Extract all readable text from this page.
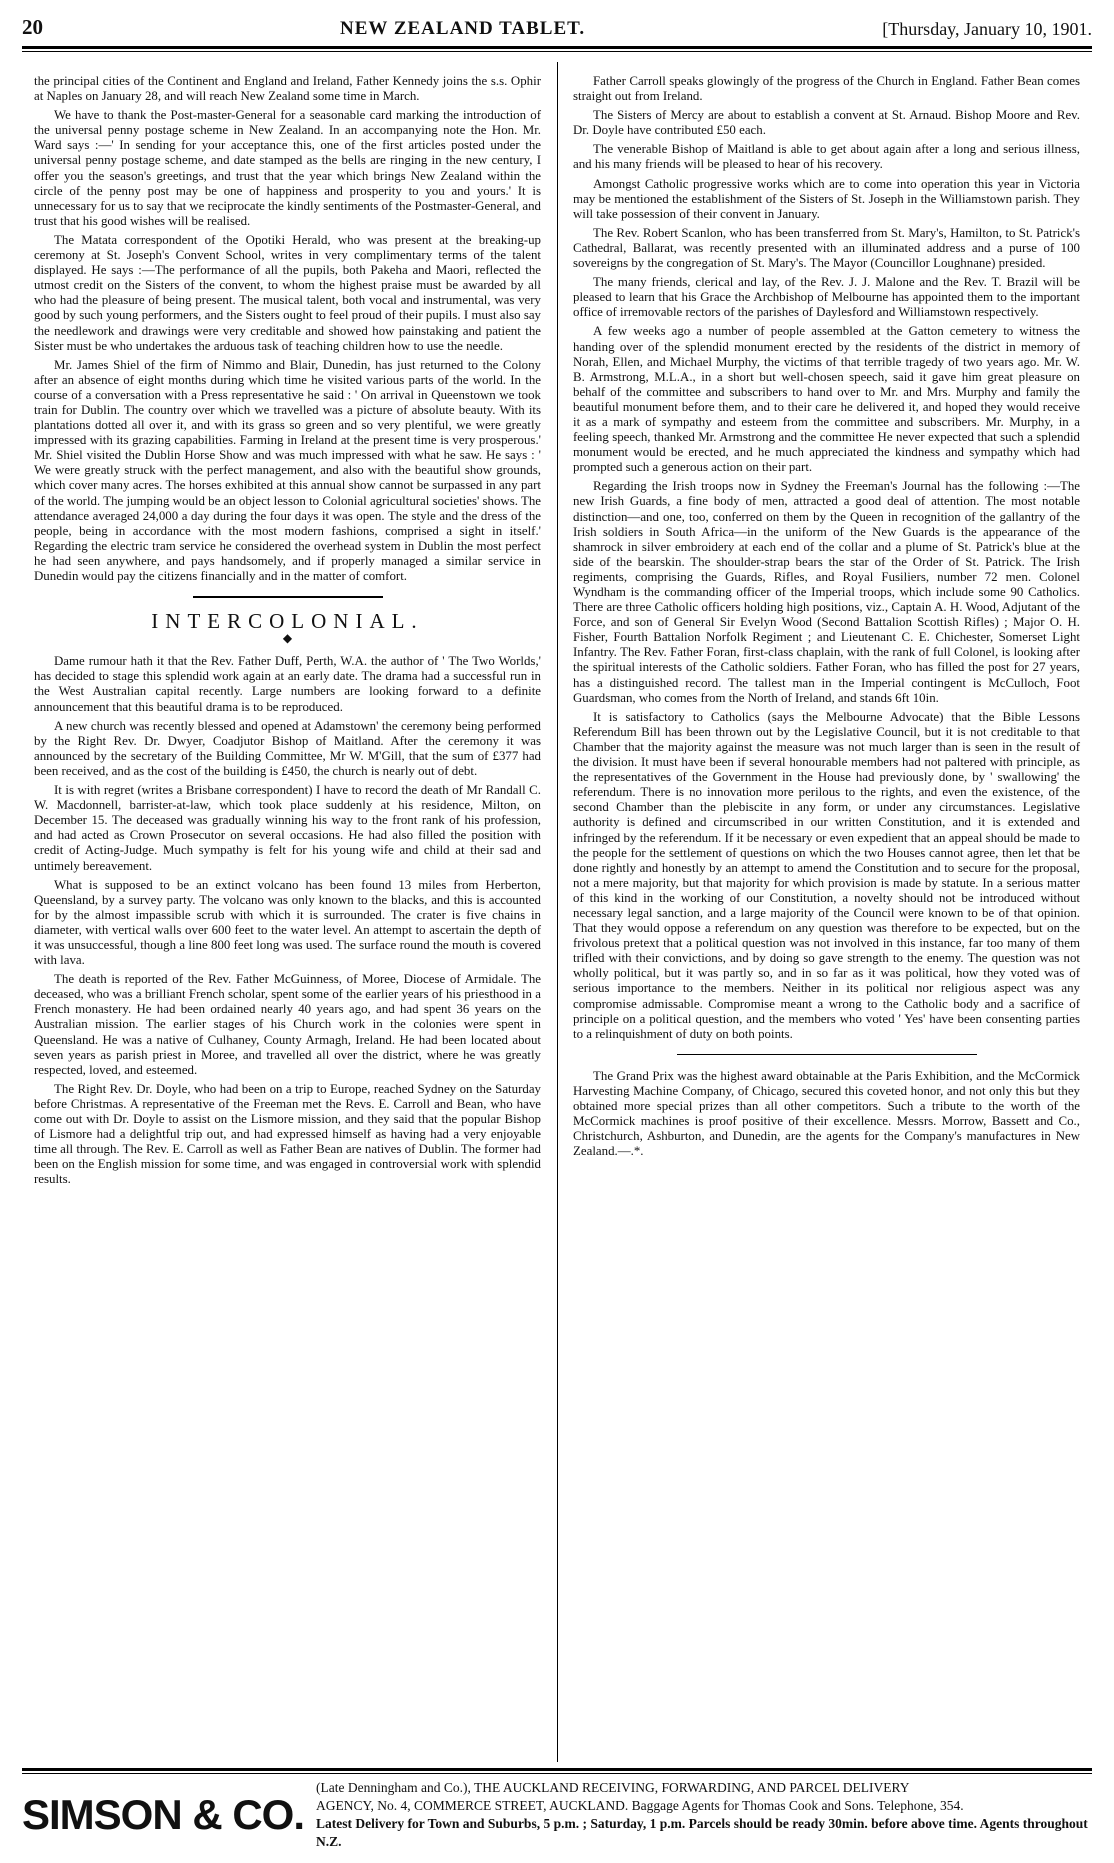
20	NEW ZEALAND TABLET.	[Thursday, January 10, 1901.

the principal cities of the Continent and England and Ireland, Father Kennedy joins the s.s. Ophir at Naples on January 28, and will reach New Zealand some time in March.

We have to thank the Post-master-General for a seasonable card marking the introduction of the universal penny postage scheme in New Zealand. In an accompanying note the Hon. Mr. Ward says :—' In sending for your acceptance this, one of the first articles posted under the universal penny postage scheme, and date stamped as the bells are ringing in the new century, I offer you the season's greetings, and trust that the year which brings New Zealand within the circle of the penny post may be one of happiness and prosperity to you and yours.' It is unnecessary for us to say that we reciprocate the kindly sentiments of the Postmaster-General, and trust that his good wishes will be realised.

The Matata correspondent of the Opotiki Herald, who was present at the breaking-up ceremony at St. Joseph's Convent School, writes in very complimentary terms of the talent displayed. He says :—The performance of all the pupils, both Pakeha and Maori, reflected the utmost credit on the Sisters of the convent, to whom the highest praise must be awarded by all who had the pleasure of being present. The musical talent, both vocal and instrumental, was very good by such young performers, and the Sisters ought to feel proud of their pupils. I must also say the needlework and drawings were very creditable and showed how painstaking and patient the Sister must be who undertakes the arduous task of teaching children how to use the needle.

Mr. James Shiel of the firm of Nimmo and Blair, Dunedin, has just returned to the Colony after an absence of eight months during which time he visited various parts of the world. In the course of a conversation with a Press representative he said : ' On arrival in Queenstown we took train for Dublin. The country over which we travelled was a picture of absolute beauty. With its plantations dotted all over it, and with its grass so green and so very plentiful, we were greatly impressed with its grazing capabilities. Farming in Ireland at the present time is very prosperous.' Mr. Shiel visited the Dublin Horse Show and was much impressed with what he saw. He says : ' We were greatly struck with the perfect management, and also with the beautiful show grounds, which cover many acres. The horses exhibited at this annual show cannot be surpassed in any part of the world. The jumping would be an object lesson to Colonial agricultural societies' shows. The attendance averaged 24,000 a day during the four days it was open. The style and the dress of the people, being in accordance with the most modern fashions, comprised a sight in itself.' Regarding the electric tram service he considered the overhead system in Dublin the most perfect he had seen anywhere, and pays handsomely, and if properly managed a similar service in Dunedin would pay the citizens financially and in the matter of comfort.

INTERCOLONIAL.
◆

Dame rumour hath it that the Rev. Father Duff, Perth, W.A. the author of ' The Two Worlds,' has decided to stage this splendid work again at an early date. The drama had a successful run in the West Australian capital recently. Large numbers are looking forward to a definite announcement that this beautiful drama is to be reproduced.

A new church was recently blessed and opened at Adamstown' the ceremony being performed by the Right Rev. Dr. Dwyer, Coadjutor Bishop of Maitland. After the ceremony it was announced by the secretary of the Building Committee, Mr W. M'Gill, that the sum of £377 had been received, and as the cost of the building is £450, the church is nearly out of debt.

It is with regret (writes a Brisbane correspondent) I have to record the death of Mr Randall C. W. Macdonnell, barrister-at-law, which took place suddenly at his residence, Milton, on December 15. The deceased was gradually winning his way to the front rank of his profession, and had acted as Crown Prosecutor on several occasions. He had also filled the position with credit of Acting-Judge. Much sympathy is felt for his young wife and child at their sad and untimely bereavement.

What is supposed to be an extinct volcano has been found 13 miles from Herberton, Queensland, by a survey party. The volcano was only known to the blacks, and this is accounted for by the almost impassible scrub with which it is surrounded. The crater is five chains in diameter, with vertical walls over 600 feet to the water level. An attempt to ascertain the depth of it was unsuccessful, though a line 800 feet long was used. The surface round the mouth is covered with lava.

The death is reported of the Rev. Father McGuinness, of Moree, Diocese of Armidale. The deceased, who was a brilliant French scholar, spent some of the earlier years of his priesthood in a French monastery. He had been ordained nearly 40 years ago, and had spent 36 years on the Australian mission. The earlier stages of his Church work in the colonies were spent in Queensland. He was a native of Culhaney, County Armagh, Ireland. He had been located about seven years as parish priest in Moree, and travelled all over the district, where he was greatly respected, loved, and esteemed.

The Right Rev. Dr. Doyle, who had been on a trip to Europe, reached Sydney on the Saturday before Christmas. A representative of the Freeman met the Revs. E. Carroll and Bean, who have come out with Dr. Doyle to assist on the Lismore mission, and they said that the popular Bishop of Lismore had a delightful trip out, and had expressed himself as having had a very enjoyable time all through. The Rev. E. Carroll as well as Father Bean are natives of Dublin. The former had been on the English mission for some time, and was engaged in controversial work with splendid results.

Father Carroll speaks glowingly of the progress of the Church in England. Father Bean comes straight out from Ireland.

The Sisters of Mercy are about to establish a convent at St. Arnaud. Bishop Moore and Rev. Dr. Doyle have contributed £50 each.

The venerable Bishop of Maitland is able to get about again after a long and serious illness, and his many friends will be pleased to hear of his recovery.

Amongst Catholic progressive works which are to come into operation this year in Victoria may be mentioned the establishment of the Sisters of St. Joseph in the Williamstown parish. They will take possession of their convent in January.

The Rev. Robert Scanlon, who has been transferred from St. Mary's, Hamilton, to St. Patrick's Cathedral, Ballarat, was recently presented with an illuminated address and a purse of 100 sovereigns by the congregation of St. Mary's. The Mayor (Councillor Loughnane) presided.

The many friends, clerical and lay, of the Rev. J. J. Malone and the Rev. T. Brazil will be pleased to learn that his Grace the Archbishop of Melbourne has appointed them to the important office of irremovable rectors of the parishes of Daylesford and Williamstown respectively.

A few weeks ago a number of people assembled at the Gatton cemetery to witness the handing over of the splendid monument erected by the residents of the district in memory of Norah, Ellen, and Michael Murphy, the victims of that terrible tragedy of two years ago. Mr. W. B. Armstrong, M.L.A., in a short but well-chosen speech, said it gave him great pleasure on behalf of the committee and subscribers to hand over to Mr. and Mrs. Murphy and family the beautiful monument before them, and to their care he delivered it, and hoped they would receive it as a mark of sympathy and esteem from the committee and subscribers. Mr. Murphy, in a feeling speech, thanked Mr. Armstrong and the committee He never expected that such a splendid monument would be erected, and he much appreciated the kindness and sympathy which had prompted such a generous action on their part.

Regarding the Irish troops now in Sydney the Freeman's Journal has the following :—The new Irish Guards, a fine body of men, attracted a good deal of attention. The most notable distinction—and one, too, conferred on them by the Queen in recognition of the gallantry of the Irish soldiers in South Africa—in the uniform of the New Guards is the appearance of the shamrock in silver embroidery at each end of the collar and a plume of St. Patrick's blue at the side of the bearskin. The shoulder-strap bears the star of the Order of St. Patrick. The Irish regiments, comprising the Guards, Rifles, and Royal Fusiliers, number 72 men. Colonel Wyndham is the commanding officer of the Imperial troops, which include some 90 Catholics. There are three Catholic officers holding high positions, viz., Captain A. H. Wood, Adjutant of the Force, and son of General Sir Evelyn Wood (Second Battalion Scottish Rifles) ; Major O. H. Fisher, Fourth Battalion Norfolk Regiment ; and Lieutenant C. E. Chichester, Somerset Light Infantry. The Rev. Father Foran, first-class chaplain, with the rank of full Colonel, is looking after the spiritual interests of the Catholic soldiers. Father Foran, who has filled the post for 27 years, has a distinguished record. The tallest man in the Imperial contingent is McCulloch, Foot Guardsman, who comes from the North of Ireland, and stands 6ft 10in.

It is satisfactory to Catholics (says the Melbourne Advocate) that the Bible Lessons Referendum Bill has been thrown out by the Legislative Council, but it is not creditable to that Chamber that the majority against the measure was not much larger than is seen in the result of the division. It must have been if several honourable members had not paltered with principle, as the representatives of the Government in the House had previously done, by ' swallowing' the referendum. There is no innovation more perilous to the rights, and even the existence, of the second Chamber than the plebiscite in any form, or under any circumstances. Legislative authority is defined and circumscribed in our written Constitution, and it is extended and infringed by the referendum. If it be necessary or even expedient that an appeal should be made to the people for the settlement of questions on which the two Houses cannot agree, then let that be done rightly and honestly by an attempt to amend the Constitution and to secure for the proposal, not a mere majority, but that majority for which provision is made by statute. In a serious matter of this kind in the working of our Constitution, a novelty should not be introduced without necessary legal sanction, and a large majority of the Council were known to be of that opinion. That they would oppose a referendum on any question was therefore to be expected, but on the frivolous pretext that a political question was not involved in this instance, far too many of them trifled with their convictions, and by doing so gave strength to the enemy. The question was not wholly political, but it was partly so, and in so far as it was political, how they voted was of serious importance to the members. Neither in its political nor religious aspect was any compromise admissable. Compromise meant a wrong to the Catholic body and a sacrifice of principle on a political question, and the members who voted ' Yes' have been consenting parties to a relinquishment of duty on both points.

The Grand Prix was the highest award obtainable at the Paris Exhibition, and the McCormick Harvesting Machine Company, of Chicago, secured this coveted honor, and not only this but they obtained more special prizes than all other competitors. Such a tribute to the worth of the McCormick machines is proof positive of their excellence. Messrs. Morrow, Bassett and Co., Christchurch, Ashburton, and Dunedin, are the agents for the Company's manufactures in New Zealand.—.*.

SIMSON & CO.
(Late Denningham and Co.), THE AUCKLAND RECEIVING, FORWARDING, AND PARCEL DELIVERY
AGENCY, No. 4, COMMERCE STREET, AUCKLAND. Baggage Agents for Thomas Cook and Sons. Telephone, 354.
Latest Delivery for Town and Suburbs, 5 p.m. ; Saturday, 1 p.m. Parcels should be ready 30min. before above time. Agents throughout N.Z.
